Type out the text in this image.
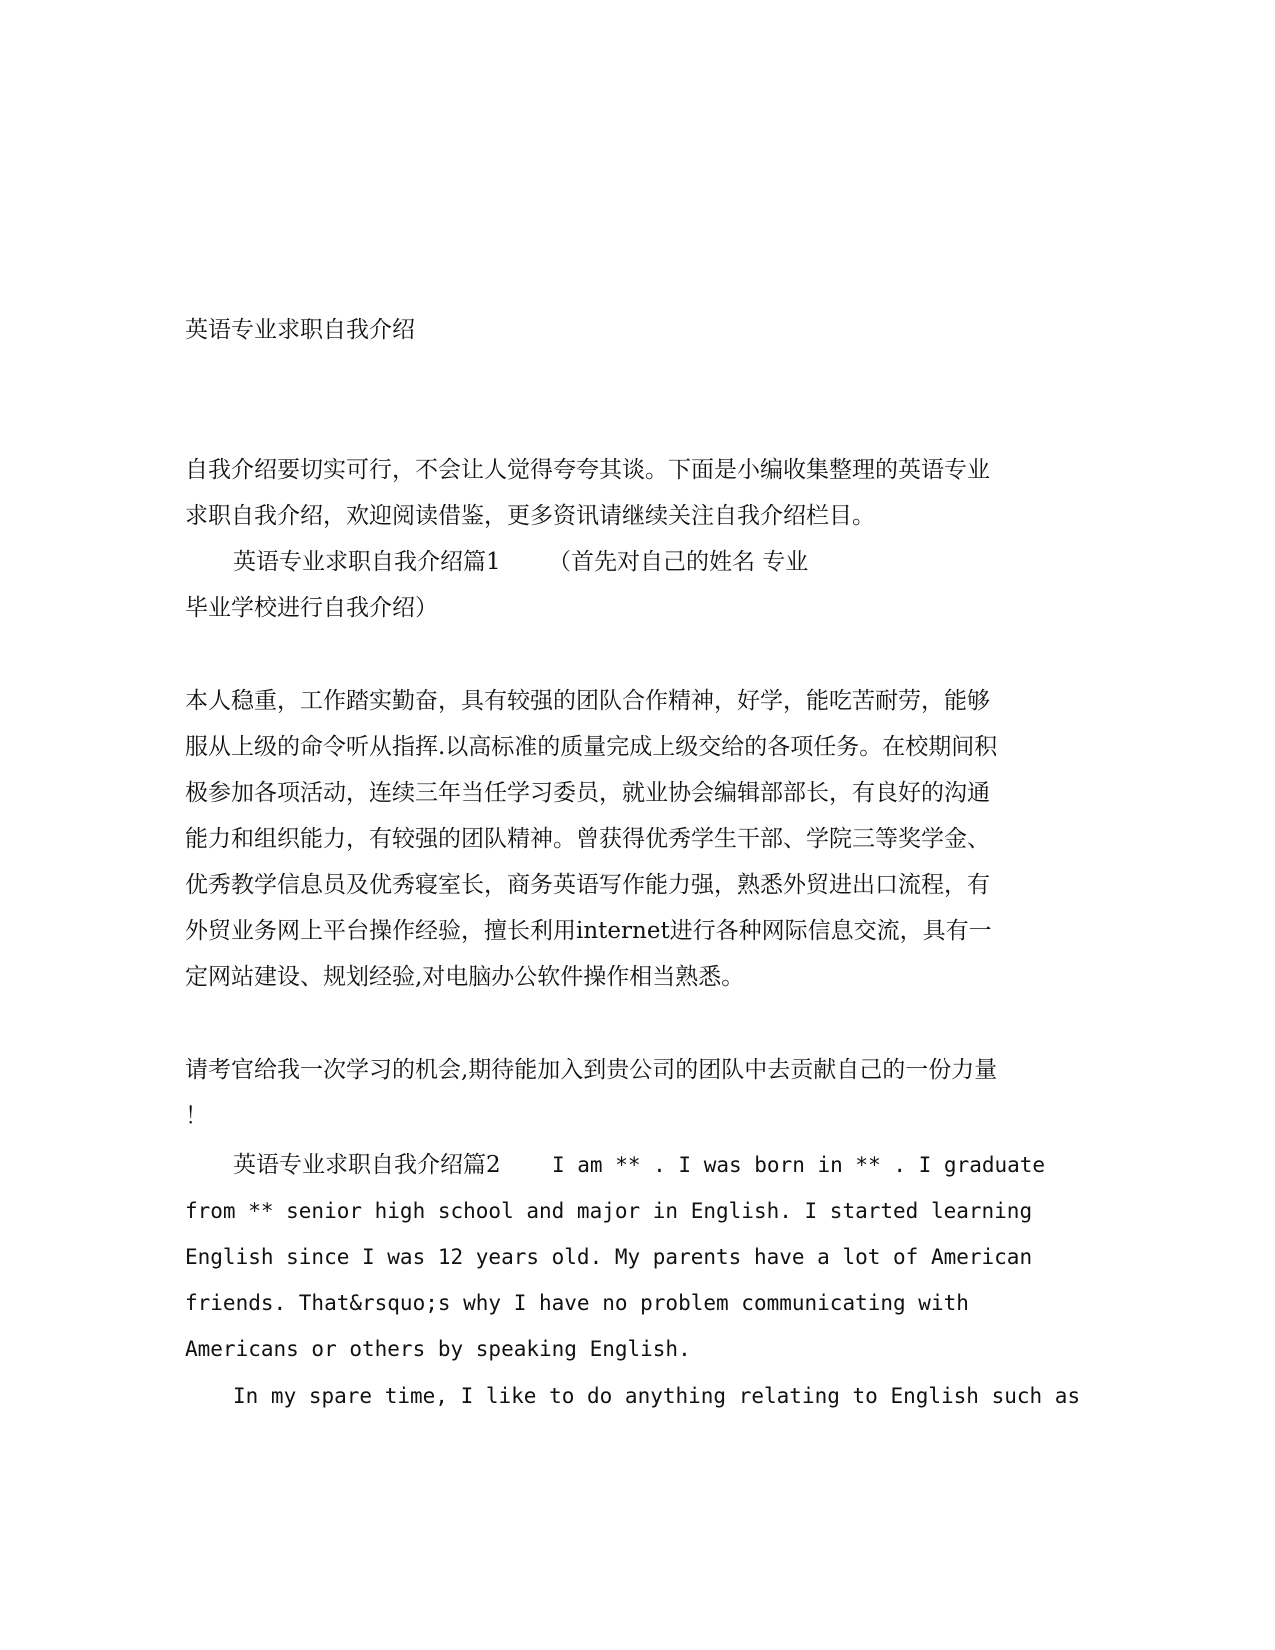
英语专业求职自我介绍
自我介绍要切实可行，不会让人觉得夸夸其谈。下面是小编收集整理的英语专业
求职自我介绍，欢迎阅读借鉴，更多资讯请继续关注自我介绍栏目。
英语专业求职自我介绍篇1 （首先对自己的姓名 专业
毕业学校进行自我介绍）
本人稳重，工作踏实勤奋，具有较强的团队合作精神，好学，能吃苦耐劳，能够
服从上级的命令听从指挥.以高标准的质量完成上级交给的各项任务。在校期间积
极参加各项活动，连续三年当任学习委员，就业协会编辑部部长，有良好的沟通
能力和组织能力，有较强的团队精神。曾获得优秀学生干部、学院三等奖学金、
优秀教学信息员及优秀寝室长，商务英语写作能力强，熟悉外贸进出口流程，有
外贸业务网上平台操作经验，擅长利用internet进行各种网际信息交流，具有一
定网站建设、规划经验,对电脑办公软件操作相当熟悉。
请考官给我一次学习的机会,期待能加入到贵公司的团队中去贡献自己的一份力量
！
英语专业求职自我介绍篇2 I am ** . I was born in ** . I graduate
from ** senior high school and major in English. I started learning
English since I was 12 years old. My parents have a lot of American
friends. That&rsquo;s why I have no problem communicating with
Americans or others by speaking English.
In my spare time, I like to do anything relating to English such as
